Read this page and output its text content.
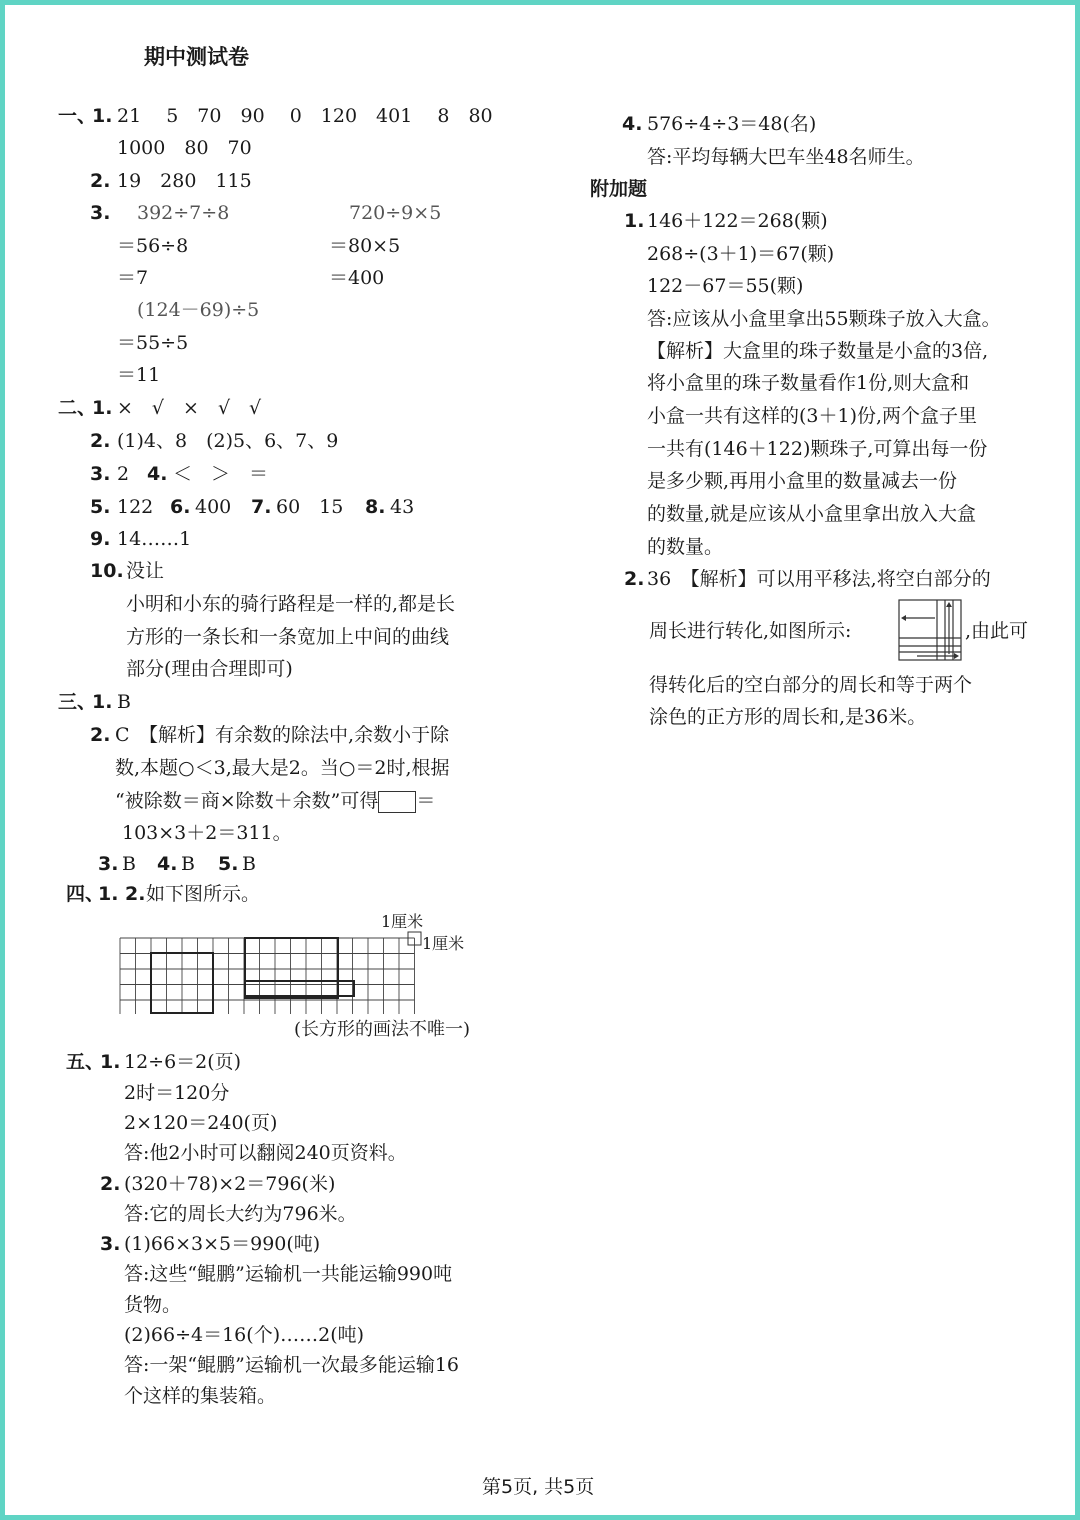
期中测试卷
一、
1. 21　 5　70　90　 0　120　401　 8　80
1000　80　70
2. 19　280　115
3. 392÷7÷8
＝56÷8
＝7
720÷9×5
＝80×5
＝400
(124－69)÷5
＝55÷5
＝11
二、
1. ×　√　×　√　√
2. (1)4、8　(2)5、6、7、9
3. 2 4. ＜　＞　＝
5. 122 6. 400 7. 60　15 8. 43
9. 14……1
10. 没让
小明和小东的骑行路程是一样的,都是长
方形的一条长和一条宽加上中间的曲线
部分(理由合理即可)
三、
1. B
2. C　【解析】有余数的除法中,余数小于除
数,本题○＜3,最大是2。当○＝2时,根据
“被除数＝商×除数＋余数”可得 ＝
103×3＋2＝311。
3. B 4. B 5. B
四、
1. 2. 如下图所示。
1厘米
1厘米
(长方形的画法不唯一)
五、
1. 12÷6＝2(页)
2时＝120分
2×120＝240(页)
答:他2小时可以翻阅240页资料。
2. (320＋78)×2＝796(米)
答:它的周长大约为796米。
3. (1)66×3×5＝990(吨)
答:这些“鲲鹏”运输机一共能运输990吨
货物。
(2)66÷4＝16(个)……2(吨)
答:一架“鲲鹏”运输机一次最多能运输16
个这样的集装箱。
4. 576÷4÷3＝48(名)
答:平均每辆大巴车坐48名师生。
附加题
1. 146＋122＝268(颗)
268÷(3＋1)＝67(颗)
122－67＝55(颗)
答:应该从小盒里拿出55颗珠子放入大盒。
【解析】大盒里的珠子数量是小盒的3倍,
将小盒里的珠子数量看作1份,则大盒和
小盒一共有这样的(3＋1)份,两个盒子里
一共有(146＋122)颗珠子,可算出每一份
是多少颗,再用小盒里的数量减去一份
的数量,就是应该从小盒里拿出放入大盒
的数量。
2. 36　【解析】可以用平移法,将空白部分的
周长进行转化,如图所示:	,由此可
得转化后的空白部分的周长和等于两个
涂色的正方形的周长和,是36米。
第5页, 共5页
